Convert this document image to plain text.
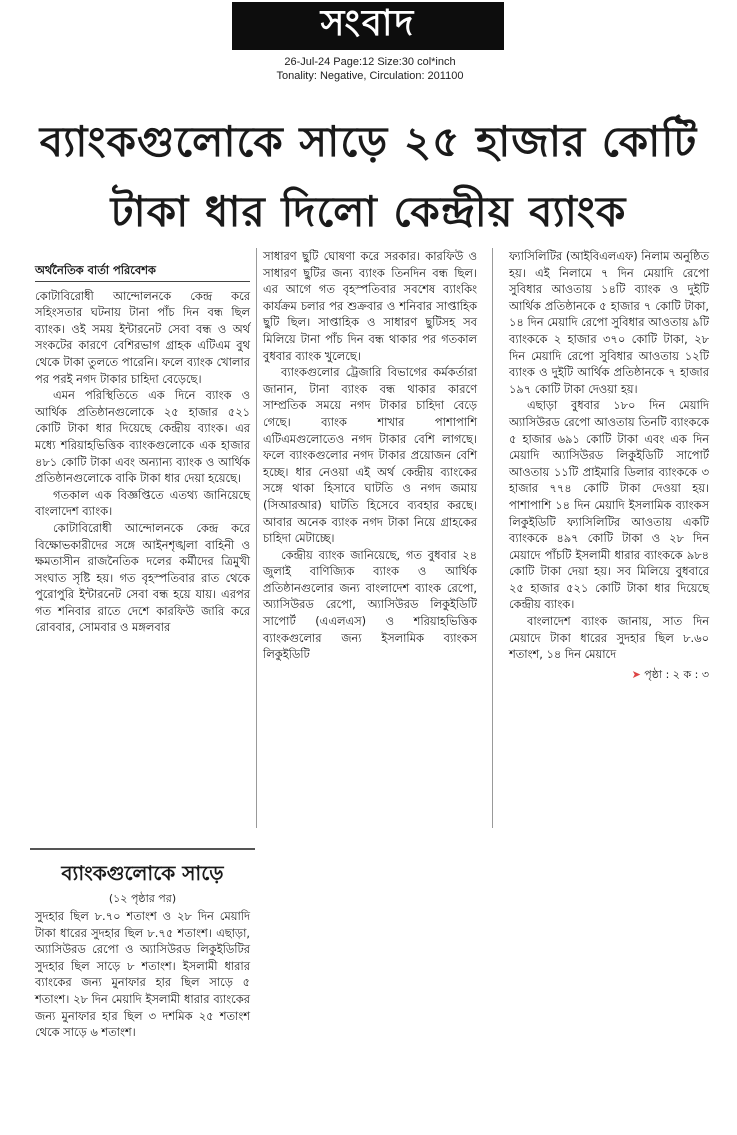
সংবাদ
26-Jul-24 Page:12 Size:30 col*inch
Tonality: Negative, Circulation: 201100
ব্যাংকগুলোকে সাড়ে ২৫ হাজার কোটি
টাকা ধার দিলো কেন্দ্রীয় ব্যাংক

অর্থনৈতিক বার্তা পরিবেশক

কোটাবিরোধী আন্দোলনকে কেন্দ্র করে সহিংসতার ঘটনায় টানা পাঁচ দিন বন্ধ ছিল ব্যাংক। ওই সময় ইন্টারনেট সেবা বন্ধ ও অর্থ সংকটের কারণে বেশিরভাগ গ্রাহক এটিএম বুথ থেকে টাকা তুলতে পারেনি। ফলে ব্যাংক খোলার পর পরই নগদ টাকার চাহিদা বেড়েছে।

এমন পরিস্থিতিতে এক দিনে ব্যাংক ও আর্থিক প্রতিষ্ঠানগুলোকে ২৫ হাজার ৫২১ কোটি টাকা ধার দিয়েছে কেন্দ্রীয় ব্যাংক। এর মধ্যে শরিয়াহভিত্তিক ব্যাংকগুলোকে এক হাজার ৪৮১ কোটি টাকা এবং অন্যান্য ব্যাংক ও আর্থিক প্রতিষ্ঠানগুলোকে বাকি টাকা ধার দেয়া হয়েছে।

গতকাল এক বিজ্ঞপ্তিতে এতথ্য জানিয়েছে বাংলাদেশ ব্যাংক।

কোটাবিরোধী আন্দোলনকে কেন্দ্র করে বিক্ষোভকারীদের সঙ্গে আইনশৃঙ্খলা বাহিনী ও ক্ষমতাসীন রাজনৈতিক দলের কর্মীদের ত্রিমুখী সংঘাত সৃষ্টি হয়। গত বৃহস্পতিবার রাত থেকে পুরোপুরি ইন্টারনেট সেবা বন্ধ হয়ে যায়। এরপর গত শনিবার রাতে দেশে কারফিউ জারি করে রোববার, সোমবার ও মঙ্গলবার

সাধারণ ছুটি ঘোষণা করে সরকার। কারফিউ ও সাধারণ ছুটির জন্য ব্যাংক তিনদিন বন্ধ ছিল। এর আগে গত বৃহস্পতিবার সবশেষ ব্যাংকিং কার্যক্রম চলার পর শুক্রবার ও শনিবার সাপ্তাহিক ছুটি ছিল। সাপ্তাহিক ও সাধারণ ছুটিসহ সব মিলিয়ে টানা পাঁচ দিন বন্ধ থাকার পর গতকাল বুধবার ব্যাংক খুলেছে।

ব্যাংকগুলোর ট্রেজারি বিভাগের কর্মকর্তারা জানান, টানা ব্যাংক বন্ধ থাকার কারণে সাম্প্রতিক সময়ে নগদ টাকার চাহিদা বেড়ে গেছে। ব্যাংক শাখার পাশাপাশি এটিএমগুলোতেও নগদ টাকার বেশি লাগছে। ফলে ব্যাংকগুলোর নগদ টাকার প্রয়োজন বেশি হচ্ছে। ধার নেওয়া এই অর্থ কেন্দ্রীয় ব্যাংকের সঙ্গে থাকা হিসাবে ঘাটতি ও নগদ জমায় (সিআরআর) ঘাটতি হিসেবে ব্যবহার করছে। আবার অনেক ব্যাংক নগদ টাকা নিয়ে গ্রাহকের চাহিদা মেটাচ্ছে।

কেন্দ্রীয় ব্যাংক জানিয়েছে, গত বুধবার ২৪ জুলাই বাণিজ্যিক ব্যাংক ও আর্থিক প্রতিষ্ঠানগুলোর জন্য বাংলাদেশ ব্যাংক রেপো, অ্যাসিউরড রেপো, অ্যাসিউরড লিকুইডিটি সাপোর্ট (এএলএস) ও শরিয়াহভিত্তিক ব্যাংকগুলোর জন্য ইসলামিক ব্যাংকস লিকুইডিটি

ফ্যাসিলিটির (আইবিএলএফ) নিলাম অনুষ্ঠিত হয়। এই নিলামে ৭ দিন মেয়াদি রেপো সুবিধার আওতায় ১৪টি ব্যাংক ও দুইটি আর্থিক প্রতিষ্ঠানকে ৫ হাজার ৭ কোটি টাকা, ১৪ দিন মেয়াদি রেপো সুবিধার আওতায় ৯টি ব্যাংককে ২ হাজার ৩৭০ কোটি টাকা, ২৮ দিন মেয়াদি রেপো সুবিধার আওতায় ১২টি ব্যাংক ও দুইটি আর্থিক প্রতিষ্ঠানকে ৭ হাজার ১৯৭ কোটি টাকা দেওয়া হয়।

এছাড়া বুধবার ১৮০ দিন মেয়াদি অ্যাসিউরড রেপো আওতায় তিনটি ব্যাংককে ৫ হাজার ৬৯১ কোটি টাকা এবং এক দিন মেয়াদি অ্যাসিউরড লিকুইডিটি সাপোর্ট আওতায় ১১টি প্রাইমারি ডিলার ব্যাংককে ৩ হাজার ৭৭৪ কোটি টাকা দেওয়া হয়। পাশাপাশি ১৪ দিন মেয়াদি ইসলামিক ব্যাংকস লিকুইডিটি ফ্যাসিলিটির আওতায় একটি ব্যাংককে ৪৯৭ কোটি টাকা ও ২৮ দিন মেয়াদে পাঁচটি ইসলামী ধারার ব্যাংককে ৯৮৪ কোটি টাকা দেয়া হয়। সব মিলিয়ে বুধবারে ২৫ হাজার ৫২১ কোটি টাকা ধার দিয়েছে কেন্দ্রীয় ব্যাংক।

বাংলাদেশ ব্যাংক জানায়, সাত দিন মেয়াদে টাকা ধারের সুদহার ছিল ৮.৬০ শতাংশ, ১৪ দিন মেয়াদে

➤ পৃষ্ঠা : ২ ক : ৩
ব্যাংকগুলোকে সাড়ে
(১২ পৃষ্ঠার পর)

সুদহার ছিল ৮.৭০ শতাংশ ও ২৮ দিন মেয়াদি টাকা ধারের সুদহার ছিল ৮.৭৫ শতাংশ। এছাড়া, অ্যাসিউরড রেপো ও অ্যাসিউরড লিকুইডিটির সুদহার ছিল সাড়ে ৮ শতাংশ। ইসলামী ধারার ব্যাংকের জন্য মুনাফার হার ছিল সাড়ে ৫ শতাংশ। ২৮ দিন মেয়াদি ইসলামী ধারার ব্যাংকের জন্য মুনাফার হার ছিল ৩ দশমিক ২৫ শতাংশ থেকে সাড়ে ৬ শতাংশ।
